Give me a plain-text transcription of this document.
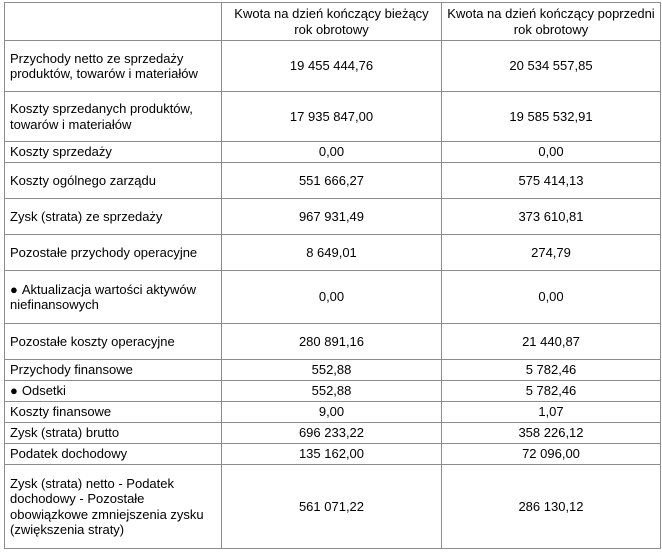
	Kwota na dzień kończący bieżący rok obrotowy	Kwota na dzień kończący poprzedni rok obrotowy
Przychody netto ze sprzedaży produktów, towarów i materiałów	19 455 444,76	20 534 557,85
Koszty sprzedanych produktów, towarów i materiałów	17 935 847,00	19 585 532,91
Koszty sprzedaży	0,00	0,00
Koszty ogólnego zarządu	551 666,27	575 414,13
Zysk (strata) ze sprzedaży	967 931,49	373 610,81
Pozostałe przychody operacyjne	8 649,01	274,79
● Aktualizacja wartości aktywów niefinansowych	0,00	0,00
Pozostałe koszty operacyjne	280 891,16	21 440,87
Przychody finansowe	552,88	5 782,46
● Odsetki	552,88	5 782,46
Koszty finansowe	9,00	1,07
Zysk (strata) brutto	696 233,22	358 226,12
Podatek dochodowy	135 162,00	72 096,00
Zysk (strata) netto - Podatek dochodowy - Pozostałe obowiązkowe zmniejszenia zysku (zwiększenia straty)	561 071,22	286 130,12
